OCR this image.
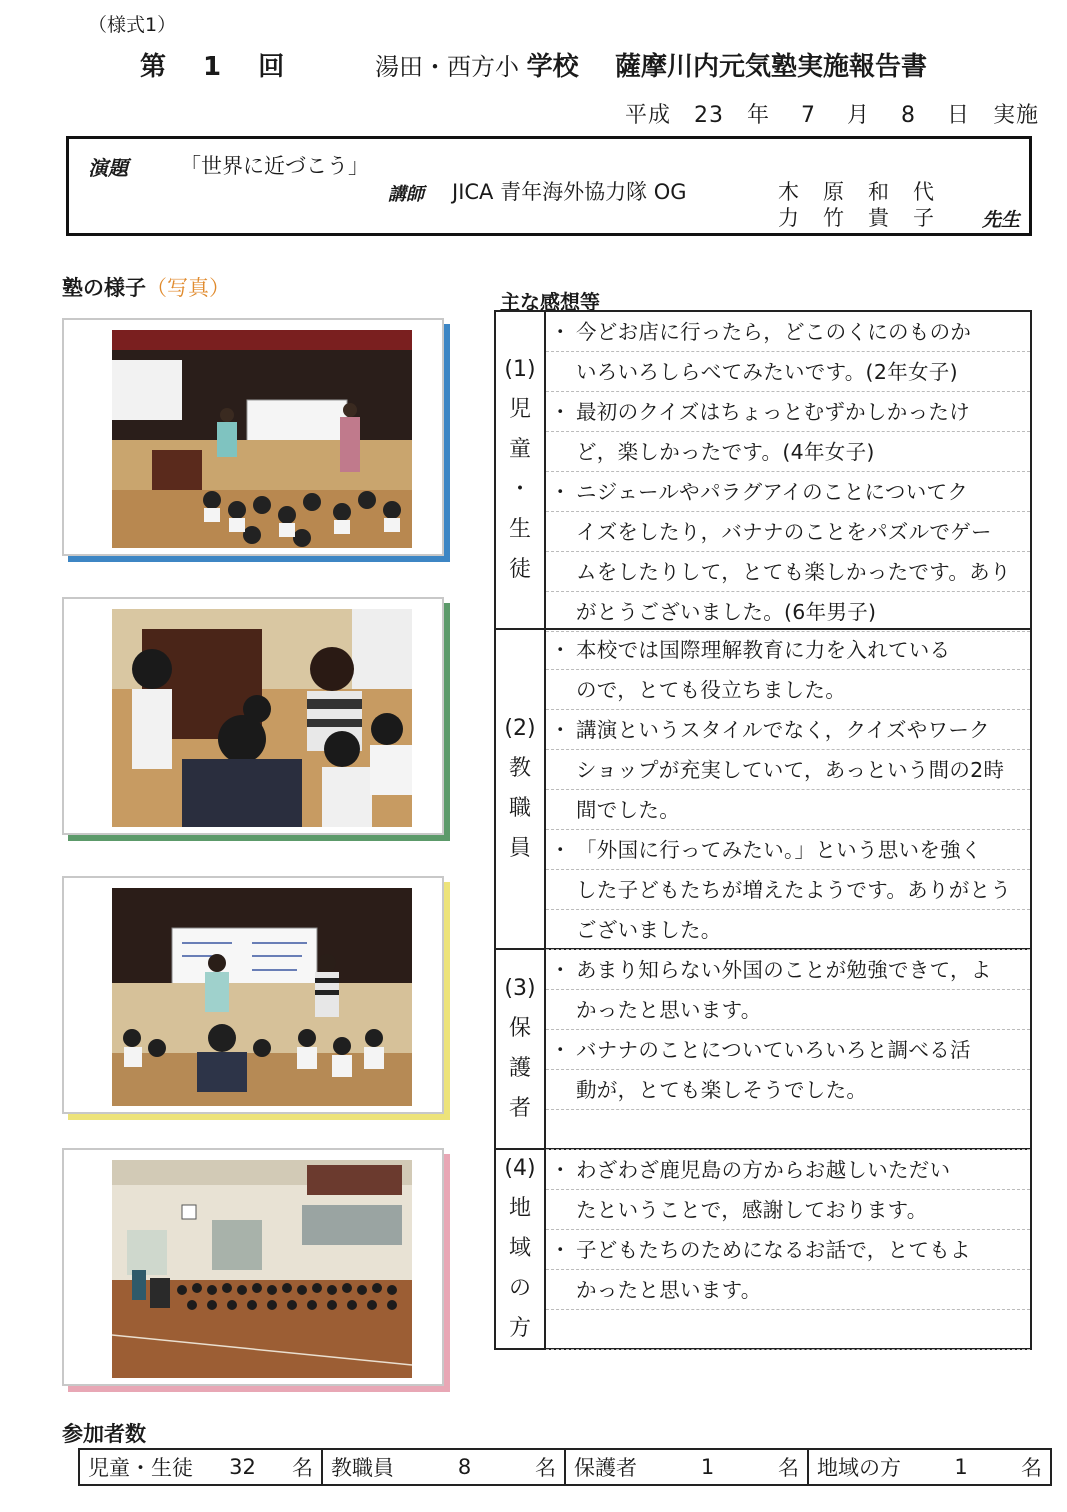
（様式1）
第 1 回	湯田・西方小 学校 薩摩川内元気塾実施報告書
平成　23　年　 7　 月　 8　 日　実施
演題 「世界に近づこう」
講師 JICA 青年海外協力隊 OG	木原和代
力竹貴子 先生
塾の様子（写真）
主な感想等
(1)
児
童
・
生
徒
・ 今どお店に行ったら，どこのくにのものか
いろいろしらべてみたいです。(2年女子)
・ 最初のクイズはちょっとむずかしかったけ
ど，楽しかったです。(4年女子)
・ ニジェールやパラグアイのことについてク
イズをしたり，バナナのことをパズルでゲー
ムをしたりして，とても楽しかったです。あり
がとうございました。(6年男子)
(2)
教
職
員
・ 本校では国際理解教育に力を入れている
ので，とても役立ちました。
・ 講演というスタイルでなく，クイズやワーク
ショップが充実していて，あっという間の2時
間でした。
・ 「外国に行ってみたい。」という思いを強く
した子どもたちが増えたようです。ありがとう
ございました。
(3)
保
護
者
・ あまり知らない外国のことが勉強できて，よ
かったと思います。
・ バナナのことについていろいろと調べる活
動が，とても楽しそうでした。
(4)
地
域
の
方
・ わざわざ鹿児島の方からお越しいただい
たということで，感謝しております。
・ 子どもたちのためになるお話で，とてもよ
かったと思います。
参加者数
児童・生徒	32	名 教職員	8	名 保護者	1	名 地域の方	1	名
